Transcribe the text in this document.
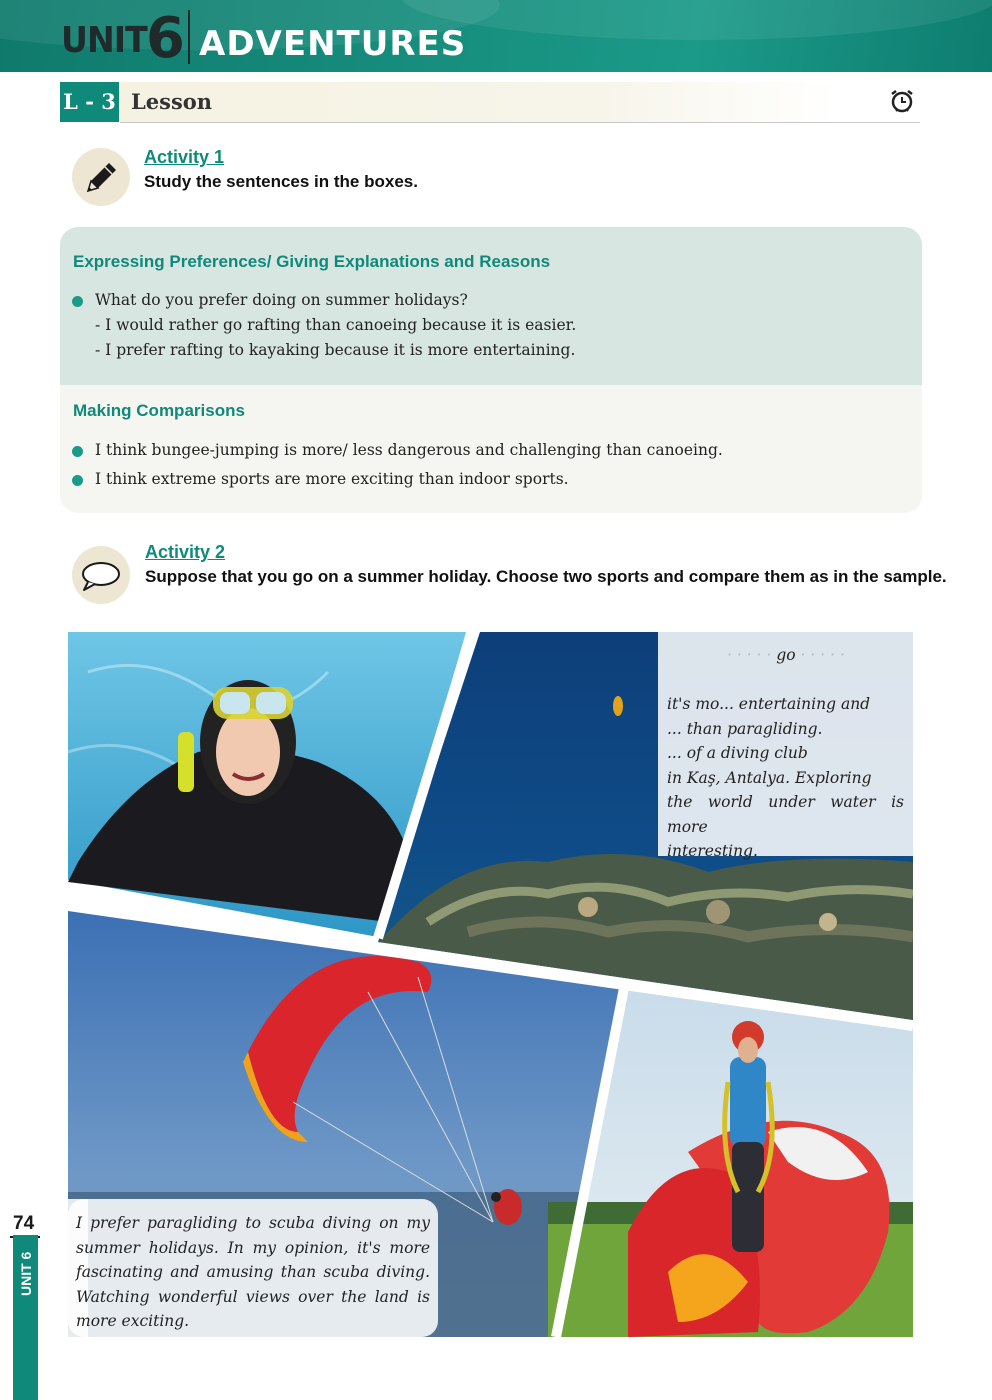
UNIT 6 ADVENTURES
L - 3 Lesson
Activity 1
Study the sentences in the boxes.
Expressing Preferences/ Giving Explanations and Reasons
What do you prefer doing on summer holidays?
- I would rather go rafting than canoeing because it is easier.
- I prefer rafting to kayaking because it is more entertaining.
Making Comparisons
I think bungee-jumping is more/ less dangerous and challenging than canoeing.
I think extreme sports are more exciting than indoor sports.
Activity 2
Suppose that you go on a summer holiday. Choose two sports and compare them as in the sample.
· · · · · go · · · · ·
it's mo... entertaining and
... than paragliding.
... of a diving club
in Kaş, Antalya. Exploring
the world under water is more
interesting.
I prefer paragliding to scuba diving on my summer holidays. In my opinion, it's more fascinating and amusing than scuba diving. Watching wonderful views over the land is more exciting.
74
UNIT 6
